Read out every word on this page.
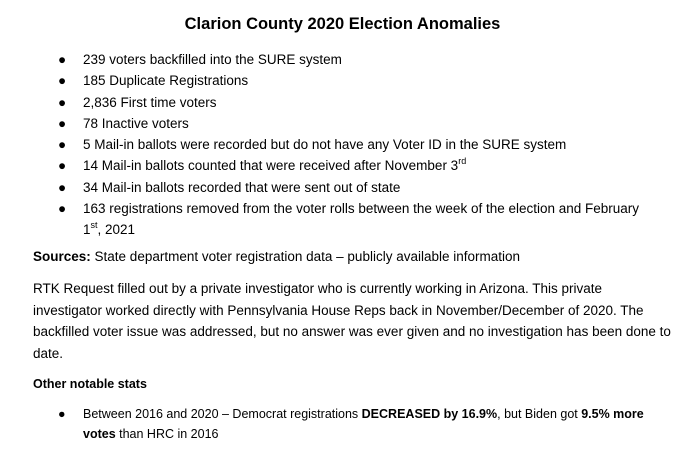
Clarion County 2020 Election Anomalies
● 239 voters backfilled into the SURE system
● 185 Duplicate Registrations
● 2,836 First time voters
● 78 Inactive voters
● 5 Mail-in ballots were recorded but do not have any Voter ID in the SURE system
● 14 Mail-in ballots counted that were received after November 3rd
● 34 Mail-in ballots recorded that were sent out of state
● 163 registrations removed from the voter rolls between the week of the election and February 1st, 2021
Sources: State department voter registration data – publicly available information
RTK Request filled out by a private investigator who is currently working in Arizona. This private investigator worked directly with Pennsylvania House Reps back in November/December of 2020. The backfilled voter issue was addressed, but no answer was ever given and no investigation has been done to date.
Other notable stats
● Between 2016 and 2020 – Democrat registrations DECREASED by 16.9%, but Biden got 9.5% more votes than HRC in 2016
